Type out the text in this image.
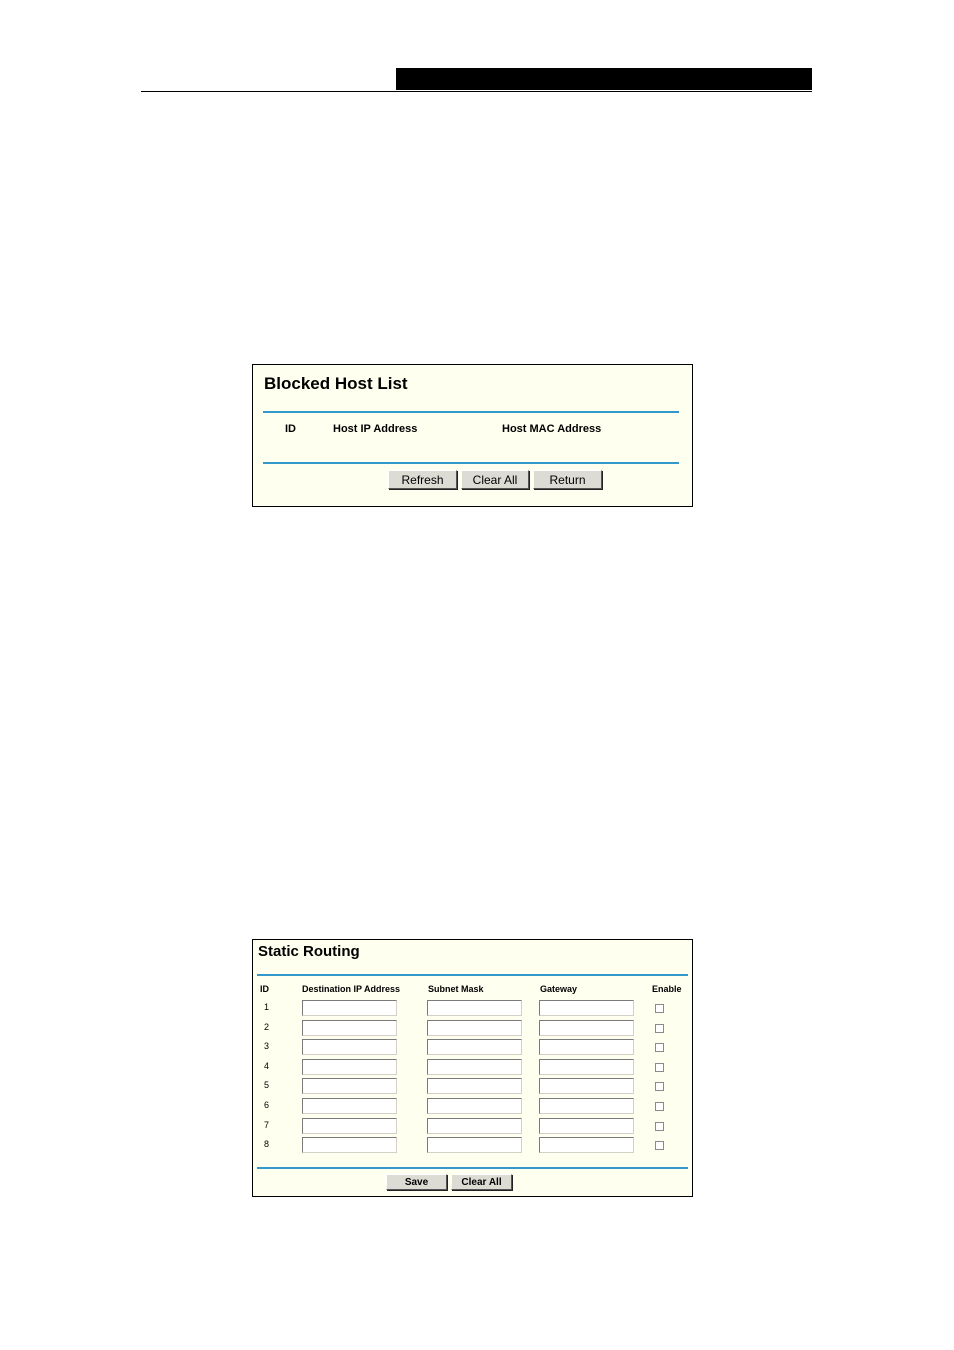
Blocked Host List
ID	Host IP Address	Host MAC Address
Refresh	Clear All	Return
Static Routing
ID	Destination IP Address	Subnet Mask	Gateway	Enable
1
2
3
4
5
6
7
8
Save	Clear All
